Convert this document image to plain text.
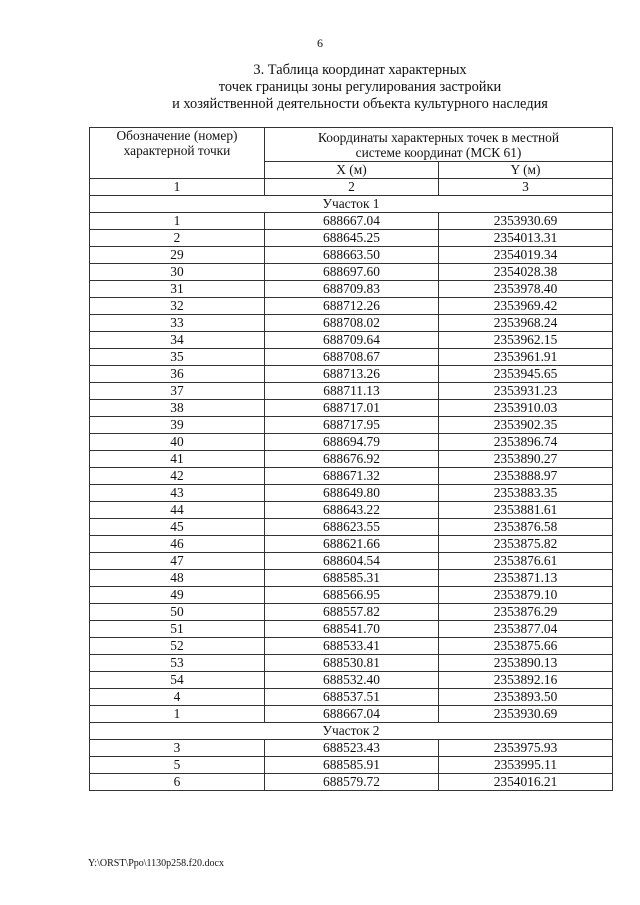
6
3. Таблица координат характерных
точек границы зоны регулирования застройки
и хозяйственной деятельности объекта культурного наследия
Обозначение (номер) характерной точки	Координаты характерных точек в местной системе координат (МСК 61)	
	X (м)	Y (м)
1	2	3
Участок 1		
1	688667.04	2353930.69
2	688645.25	2354013.31
29	688663.50	2354019.34
30	688697.60	2354028.38
31	688709.83	2353978.40
32	688712.26	2353969.42
33	688708.02	2353968.24
34	688709.64	2353962.15
35	688708.67	2353961.91
36	688713.26	2353945.65
37	688711.13	2353931.23
38	688717.01	2353910.03
39	688717.95	2353902.35
40	688694.79	2353896.74
41	688676.92	2353890.27
42	688671.32	2353888.97
43	688649.80	2353883.35
44	688643.22	2353881.61
45	688623.55	2353876.58
46	688621.66	2353875.82
47	688604.54	2353876.61
48	688585.31	2353871.13
49	688566.95	2353879.10
50	688557.82	2353876.29
51	688541.70	2353877.04
52	688533.41	2353875.66
53	688530.81	2353890.13
54	688532.40	2353892.16
4	688537.51	2353893.50
1	688667.04	2353930.69
Участок 2		
3	688523.43	2353975.93
5	688585.91	2353995.11
6	688579.72	2354016.21
Y:\ORST\Ppo\1130p258.f20.docx
